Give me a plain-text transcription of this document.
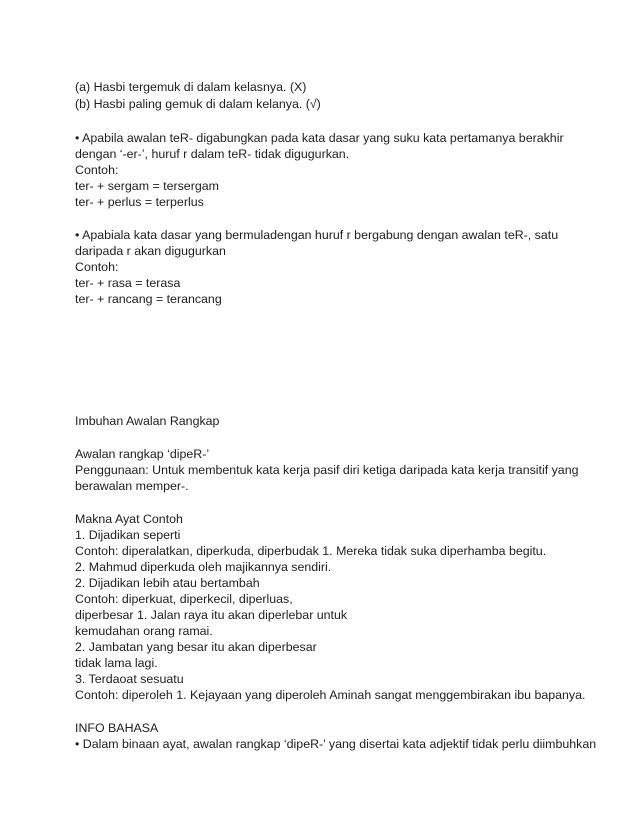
(a) Hasbi tergemuk di dalam kelasnya. (X)
(b) Hasbi paling gemuk di dalam kelanya. (√)
• Apabila awalan teR- digabungkan pada kata dasar yang suku kata pertamanya berakhir
dengan ‘-er-’, huruf r dalam teR- tidak digugurkan.
Contoh:
ter- + sergam = tersergam
ter- + perlus = terperlus
• Apabiala kata dasar yang bermuladengan huruf r bergabung dengan awalan teR-, satu
daripada r akan digugurkan
Contoh:
ter- + rasa = terasa
ter- + rancang = terancang
Imbuhan Awalan Rangkap
Awalan rangkap ‘dipeR-’
Penggunaan: Untuk membentuk kata kerja pasif diri ketiga daripada kata kerja transitif yang
berawalan memper-.
Makna Ayat Contoh
1. Dijadikan seperti
Contoh: diperalatkan, diperkuda, diperbudak 1. Mereka tidak suka diperhamba begitu.
2. Mahmud diperkuda oleh majikannya sendiri.
2. Dijadikan lebih atau bertambah
Contoh: diperkuat, diperkecil, diperluas,
diperbesar 1. Jalan raya itu akan diperlebar untuk
kemudahan orang ramai.
2. Jambatan yang besar itu akan diperbesar
tidak lama lagi.
3. Terdaoat sesuatu
Contoh: diperoleh 1. Kejayaan yang diperoleh Aminah sangat menggembirakan ibu bapanya.
INFO BAHASA
• Dalam binaan ayat, awalan rangkap ‘dipeR-’ yang disertai kata adjektif tidak perlu diimbuhkan
